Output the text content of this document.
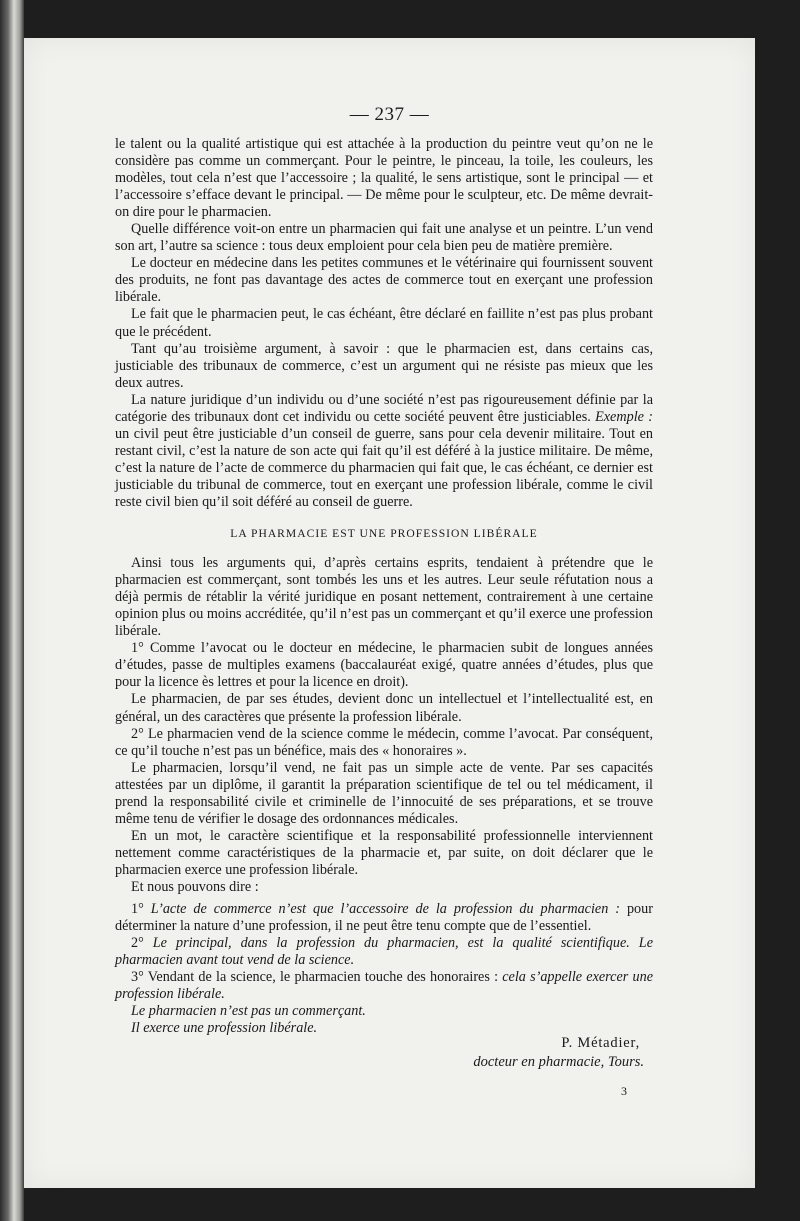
— 237 —

le talent ou la qualité artistique qui est attachée à la production du peintre veut qu’on ne le considère pas comme un commerçant. Pour le peintre, le pinceau, la toile, les couleurs, les modèles, tout cela n’est que l’accessoire ; la qualité, le sens artistique, sont le principal — et l’accessoire s’efface devant le principal. — De même pour le sculpteur, etc. De même devrait-on dire pour le pharmacien.

Quelle différence voit-on entre un pharmacien qui fait une analyse et un peintre. L’un vend son art, l’autre sa science : tous deux emploient pour cela bien peu de matière première.

Le docteur en médecine dans les petites communes et le vétérinaire qui fournissent souvent des produits, ne font pas davantage des actes de commerce tout en exerçant une profession libérale.

Le fait que le pharmacien peut, le cas échéant, être déclaré en faillite n’est pas plus probant que le précédent.

Tant qu’au troisième argument, à savoir : que le pharmacien est, dans certains cas, justiciable des tribunaux de commerce, c’est un argument qui ne résiste pas mieux que les deux autres.

La nature juridique d’un individu ou d’une société n’est pas rigoureusement définie par la catégorie des tribunaux dont cet individu ou cette société peuvent être justiciables. Exemple : un civil peut être justiciable d’un conseil de guerre, sans pour cela devenir militaire. Tout en restant civil, c’est la nature de son acte qui fait qu’il est déféré à la justice militaire. De même, c’est la nature de l’acte de commerce du pharmacien qui fait que, le cas échéant, ce dernier est justiciable du tribunal de commerce, tout en exerçant une profession libérale, comme le civil reste civil bien qu’il soit déféré au conseil de guerre.

LA PHARMACIE EST UNE PROFESSION LIBÉRALE

Ainsi tous les arguments qui, d’après certains esprits, tendaient à prétendre que le pharmacien est commerçant, sont tombés les uns et les autres. Leur seule réfutation nous a déjà permis de rétablir la vérité juridique en posant nettement, contrairement à une certaine opinion plus ou moins accréditée, qu’il n’est pas un commerçant et qu’il exerce une profession libérale.

1° Comme l’avocat ou le docteur en médecine, le pharmacien subit de longues années d’études, passe de multiples examens (baccalauréat exigé, quatre années d’études, plus que pour la licence ès lettres et pour la licence en droit).

Le pharmacien, de par ses études, devient donc un intellectuel et l’intellectualité est, en général, un des caractères que présente la profession libérale.

2° Le pharmacien vend de la science comme le médecin, comme l’avocat. Par conséquent, ce qu’il touche n’est pas un bénéfice, mais des « honoraires ».

Le pharmacien, lorsqu’il vend, ne fait pas un simple acte de vente. Par ses capacités attestées par un diplôme, il garantit la préparation scientifique de tel ou tel médicament, il prend la responsabilité civile et criminelle de l’innocuité de ses préparations, et se trouve même tenu de vérifier le dosage des ordonnances médicales.

En un mot, le caractère scientifique et la responsabilité professionnelle interviennent nettement comme caractéristiques de la pharmacie et, par suite, on doit déclarer que le pharmacien exerce une profession libérale.

Et nous pouvons dire :

1° L’acte de commerce n’est que l’accessoire de la profession du pharmacien : pour déterminer la nature d’une profession, il ne peut être tenu compte que de l’essentiel.

2° Le principal, dans la profession du pharmacien, est la qualité scientifique. Le pharmacien avant tout vend de la science.

3° Vendant de la science, le pharmacien touche des honoraires : cela s’appelle exercer une profession libérale.

Le pharmacien n’est pas un commerçant.

Il exerce une profession libérale.

P. Métadier,
docteur en pharmacie, Tours.
3
